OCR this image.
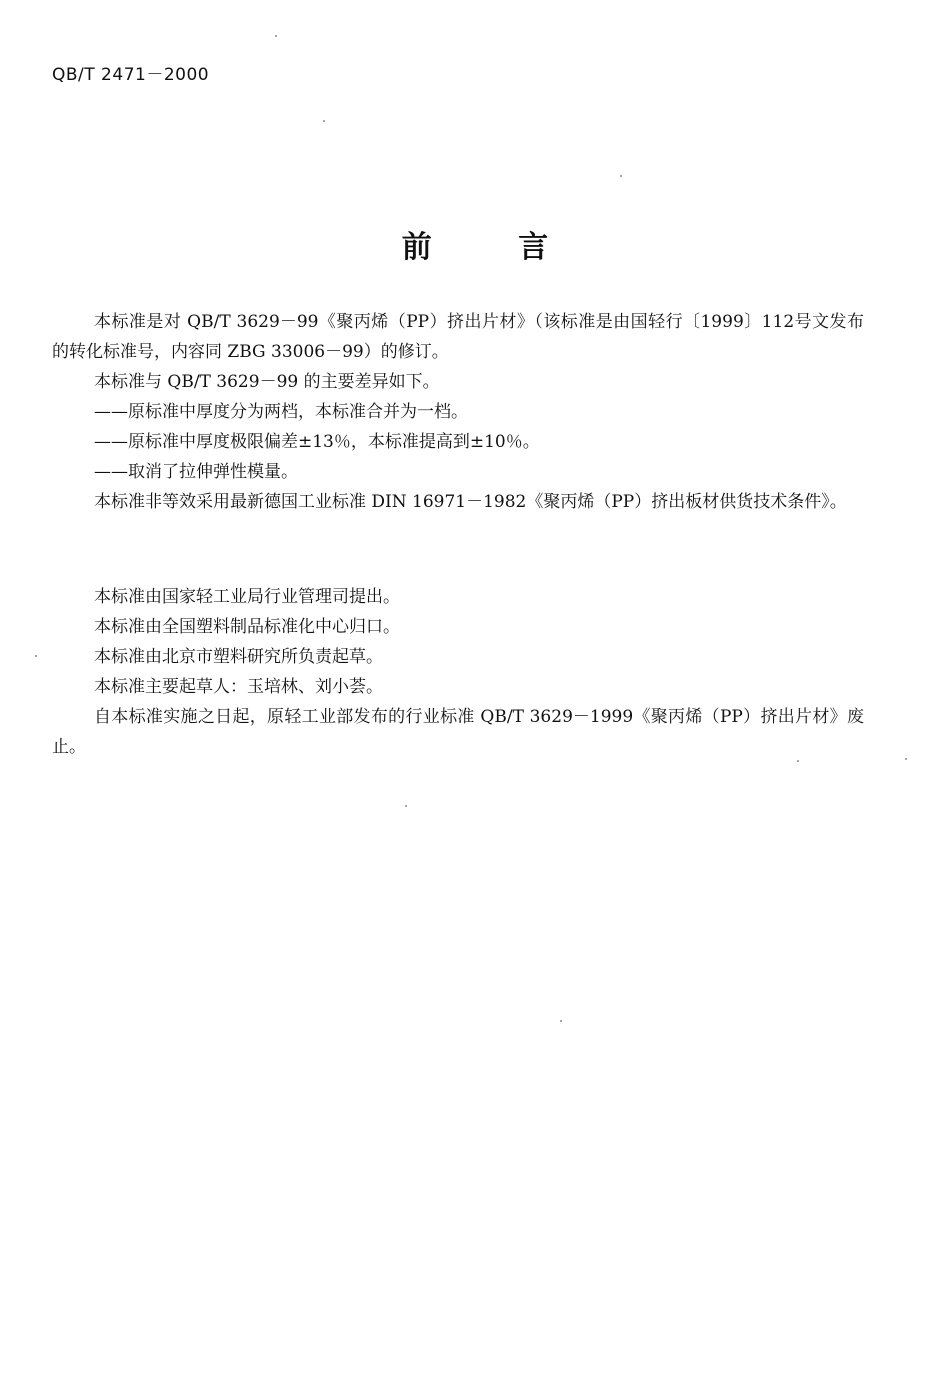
QB/T 2471－2000
前 言

本标准是对 QB/T 3629－99《聚丙烯（PP）挤出片材》（该标准是由国轻行〔1999〕112号文发布的转化标准号，内容同 ZBG 33006－99）的修订。

本标准与 QB/T 3629－99 的主要差异如下。

——原标准中厚度分为两档，本标准合并为一档。

——原标准中厚度极限偏差±13％，本标准提高到±10％。

——取消了拉伸弹性模量。

本标准非等效采用最新德国工业标准 DIN 16971－1982《聚丙烯（PP）挤出板材供货技术条件》。

本标准由国家轻工业局行业管理司提出。

本标准由全国塑料制品标准化中心归口。

本标准由北京市塑料研究所负责起草。

本标准主要起草人：玉培林、刘小荟。

自本标准实施之日起，原轻工业部发布的行业标准 QB/T 3629－1999《聚丙烯（PP）挤出片材》废止。
